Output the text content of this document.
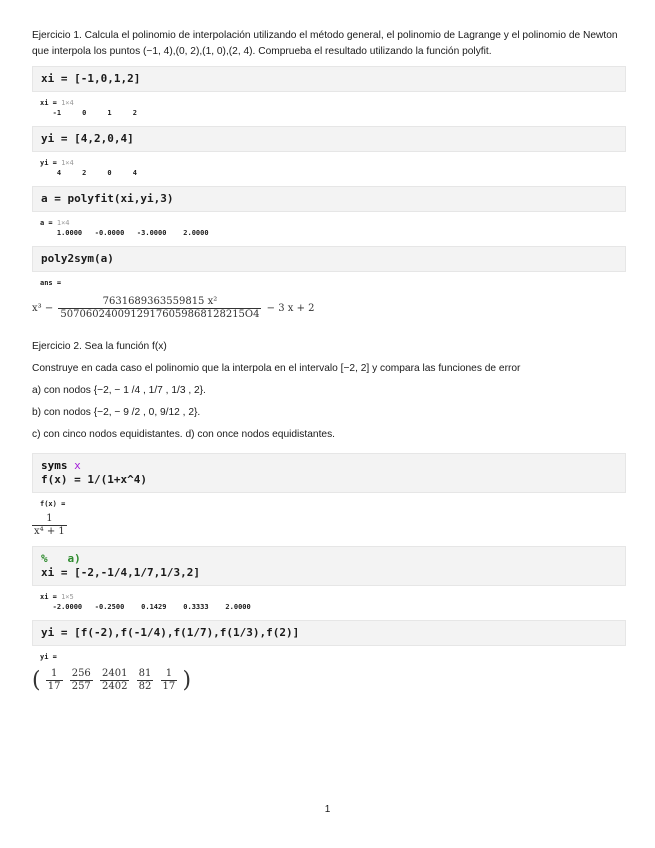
Ejercicio 1. Calcula el polinomio de interpolación utilizando el método general, el polinomio de Lagrange y el polinomio de Newton que interpola los puntos (−1, 4),(0, 2),(1, 0),(2, 4). Comprueba el resultado utilizando la función polyfit.

xi = [-1,0,1,2]
xi = 1×4
-1     0     1     2
yi = [4,2,0,4]
yi = 1×4
4     2     0     4
a = polyfit(xi,yi,3)
a = 1×4
1.0000   -0.0000   -3.0000    2.0000
poly2sym(a)
ans =
$x^3 - \frac{\text{7631689363559815 x²}}{50706024009129176059868128215O4} - 3$ x + 2

Ejercicio 2. Sea la función f(x)

Construye en cada caso el polinomio que la interpola en el intervalo [−2, 2] y compara las funciones de error

a) con nodos {−2, − 1 /4 , 1/7 , 1/3 , 2}.

b) con nodos {−2, − 9 /2 , 0, 9/12 , 2}.

c) con cinco nodos equidistantes. d) con once nodos equidistantes.

syms x
f(x) = 1/(1+x^4)
f(x) =
$\frac{1}{\text{x⁴ + 1}}$
%   a)
xi = [-2,-1/4,1/7,1/3,2]
xi = 1×5
-2.0000   -0.2500    0.1429    0.3333    2.0000
yi = [f(-2),f(-1/4),f(1/7),f(1/3),f(2)]
yi =
( $\frac{1}{17}$
$\frac{256}{257}$
$\frac{2401}{2402}$
$\frac{81}{82}$
$\frac{1}{17}$ )
1
